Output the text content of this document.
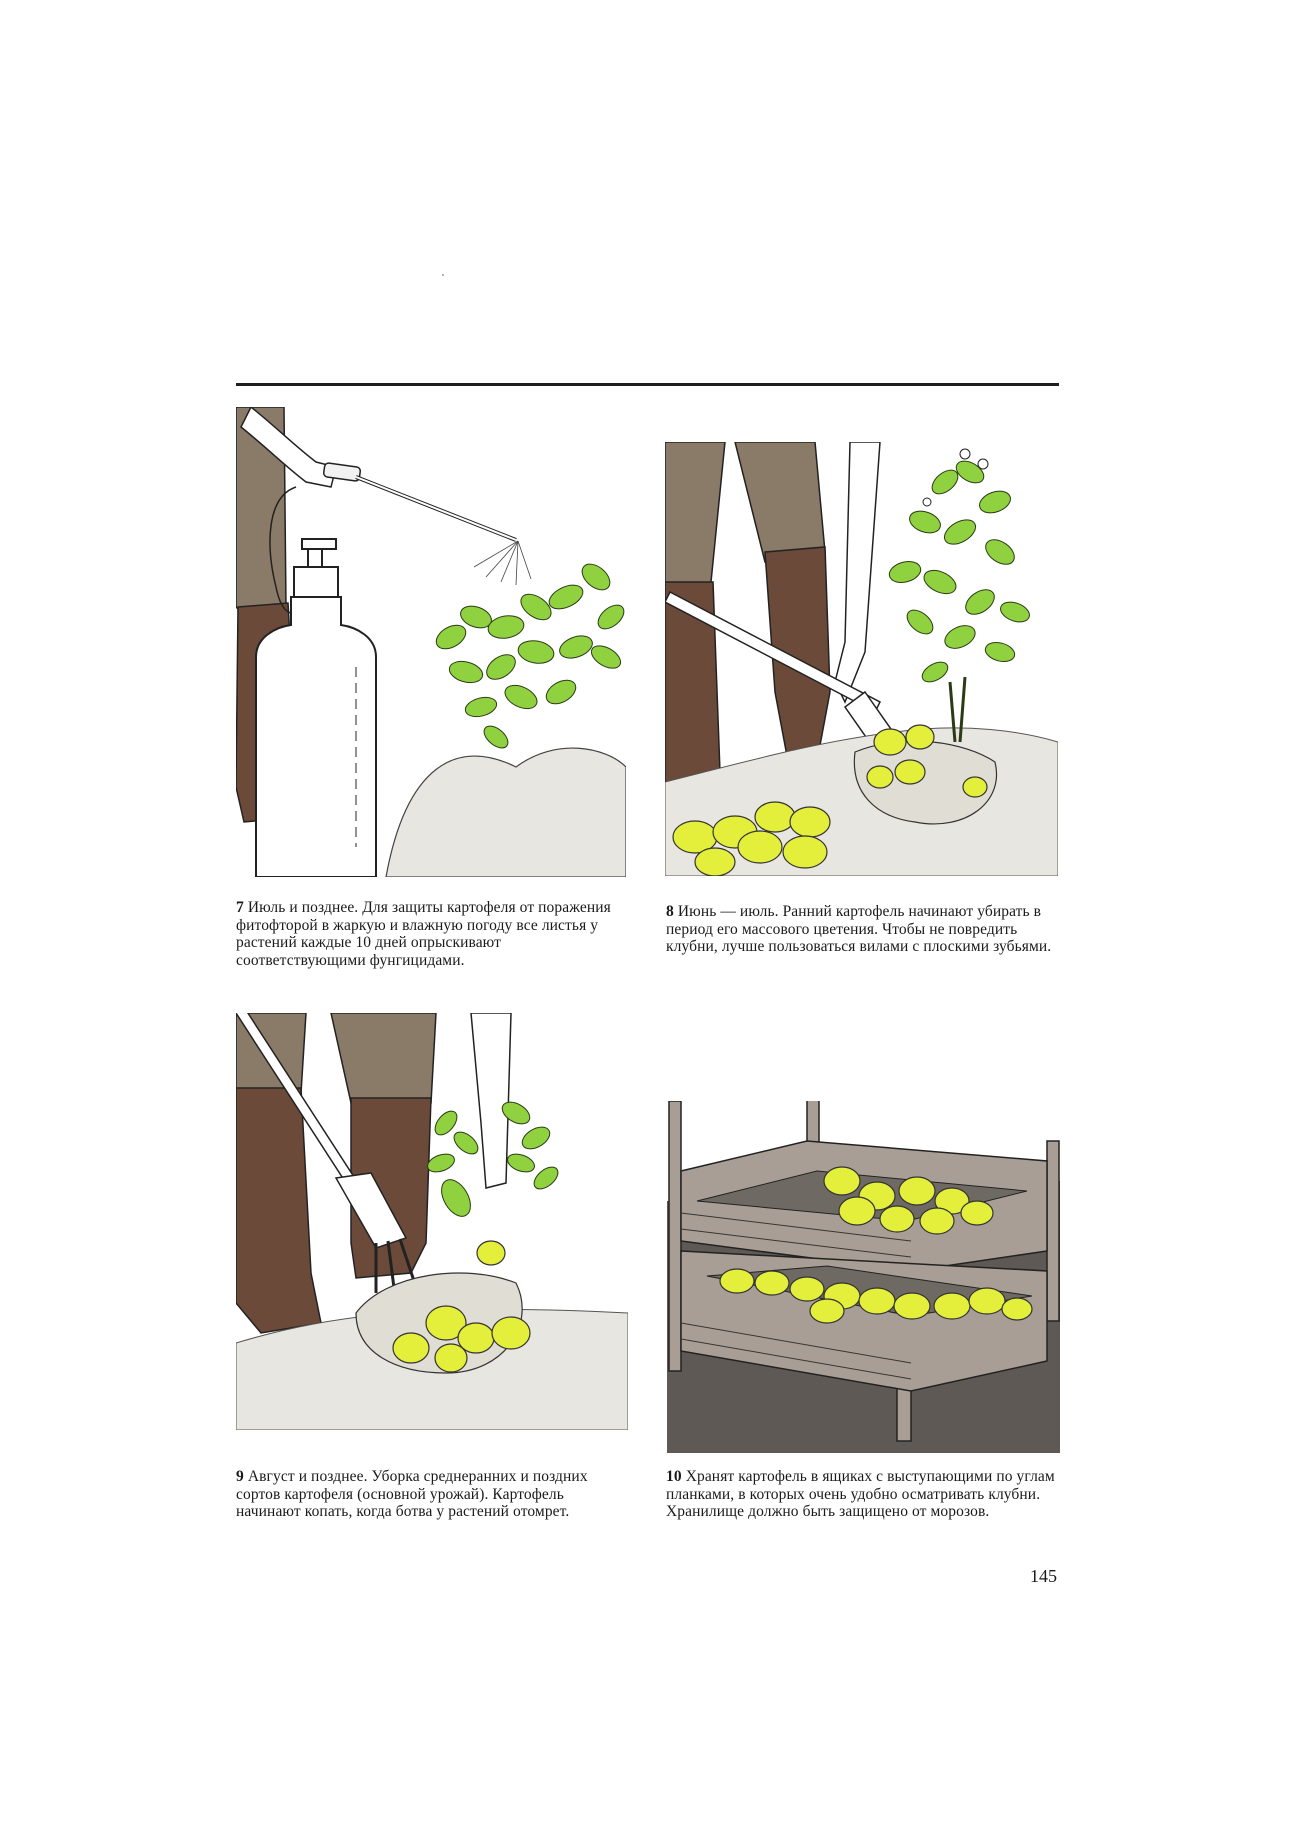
7 Июль и позднее. Для защиты картофеля от поражения фитофторой в жаркую и влажную погоду все листья у растений каждые 10 дней опрыскивают соответствующими фунгицидами.

8 Июнь — июль. Ранний картофель начинают убирать в период его массового цветения. Чтобы не повредить клубни, лучше пользоваться вилами с плоскими зубьями.

9 Август и позднее. Уборка среднеранних и поздних сортов картофеля (основной урожай). Картофель начинают копать, когда ботва у растений отомрет.

10 Хранят картофель в ящиках с выступающими по углам планками, в которых очень удобно осматривать клубни. Хранилище должно быть защищено от морозов.

145
